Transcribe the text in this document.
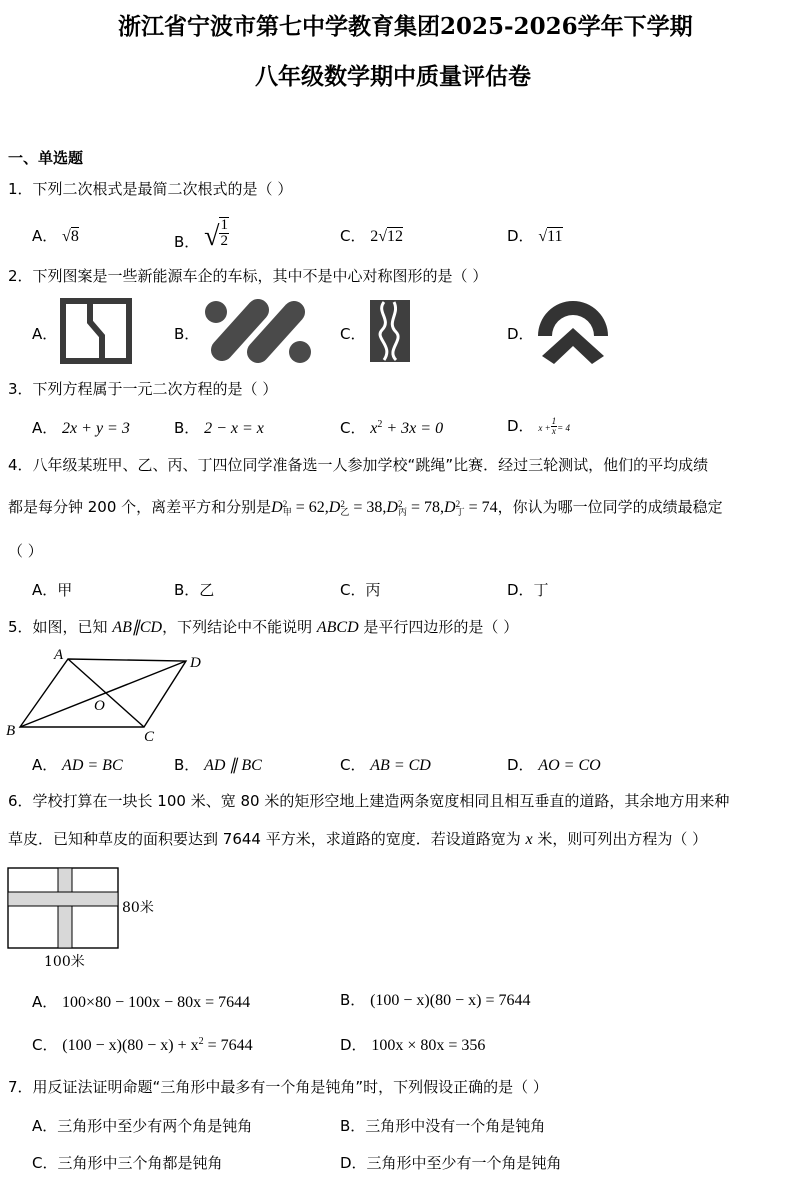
浙江省宁波市第七中学教育集团2025-2026学年下学期
八年级数学期中质量评估卷
一、单选题
1．下列二次根式是最简二次根式的是（ ）
A． √8	B． √ $\frac{1}{2}$	C． 2√12	D． √11
2．下列图案是一些新能源车企的车标，其中不是中心对称图形的是（ ）
A．	B．	C．	D．
3．下列方程属于一元二次方程的是（ ）
A． 2x + y = 3	B． 2 − x = x	C． $x^2 + 3x = 0$	D． $x + \frac{1}{x} = 4$
4．八年级某班甲、乙、丙、丁四位同学准备选一人参加学校“跳绳”比赛．经过三轮测试，他们的平均成绩
都是每分钟 200 个，离差平方和分别是D 2
甲 = 62,D 2
乙 = 38,D 2
丙 = 78,D 2
丁 = 74，你认为哪一位同学的成绩最稳定
（ ）
A．甲	B．乙	C．丙	D．丁
5．如图，已知 AB∥CD，下列结论中不能说明 ABCD 是平行四边形的是（ ）
A	D
B	C
O
A． AD = BC	B． AD ∥ BC	C． AB = CD	D． AO = CO
6．学校打算在一块长 100 米、宽 80 米的矩形空地上建造两条宽度相同且相互垂直的道路，其余地方用来种
草皮．已知种草皮的面积要达到 7644 平方米，求道路的宽度．若设道路宽为 x 米，则可列出方程为（ ）
80米
100米
A． 100×80 − 100x − 80x = 7644	B． (100 − x)(80 − x) = 7644
C． $(100 - x)(80 - x) + x^2 = 7644$	D． 100x × 80x = 356
7．用反证法证明命题“三角形中最多有一个角是钝角”时，下列假设正确的是（ ）
A．三角形中至少有两个角是钝角	B．三角形中没有一个角是钝角
C．三角形中三个角都是钝角	D．三角形中至少有一个角是钝角
